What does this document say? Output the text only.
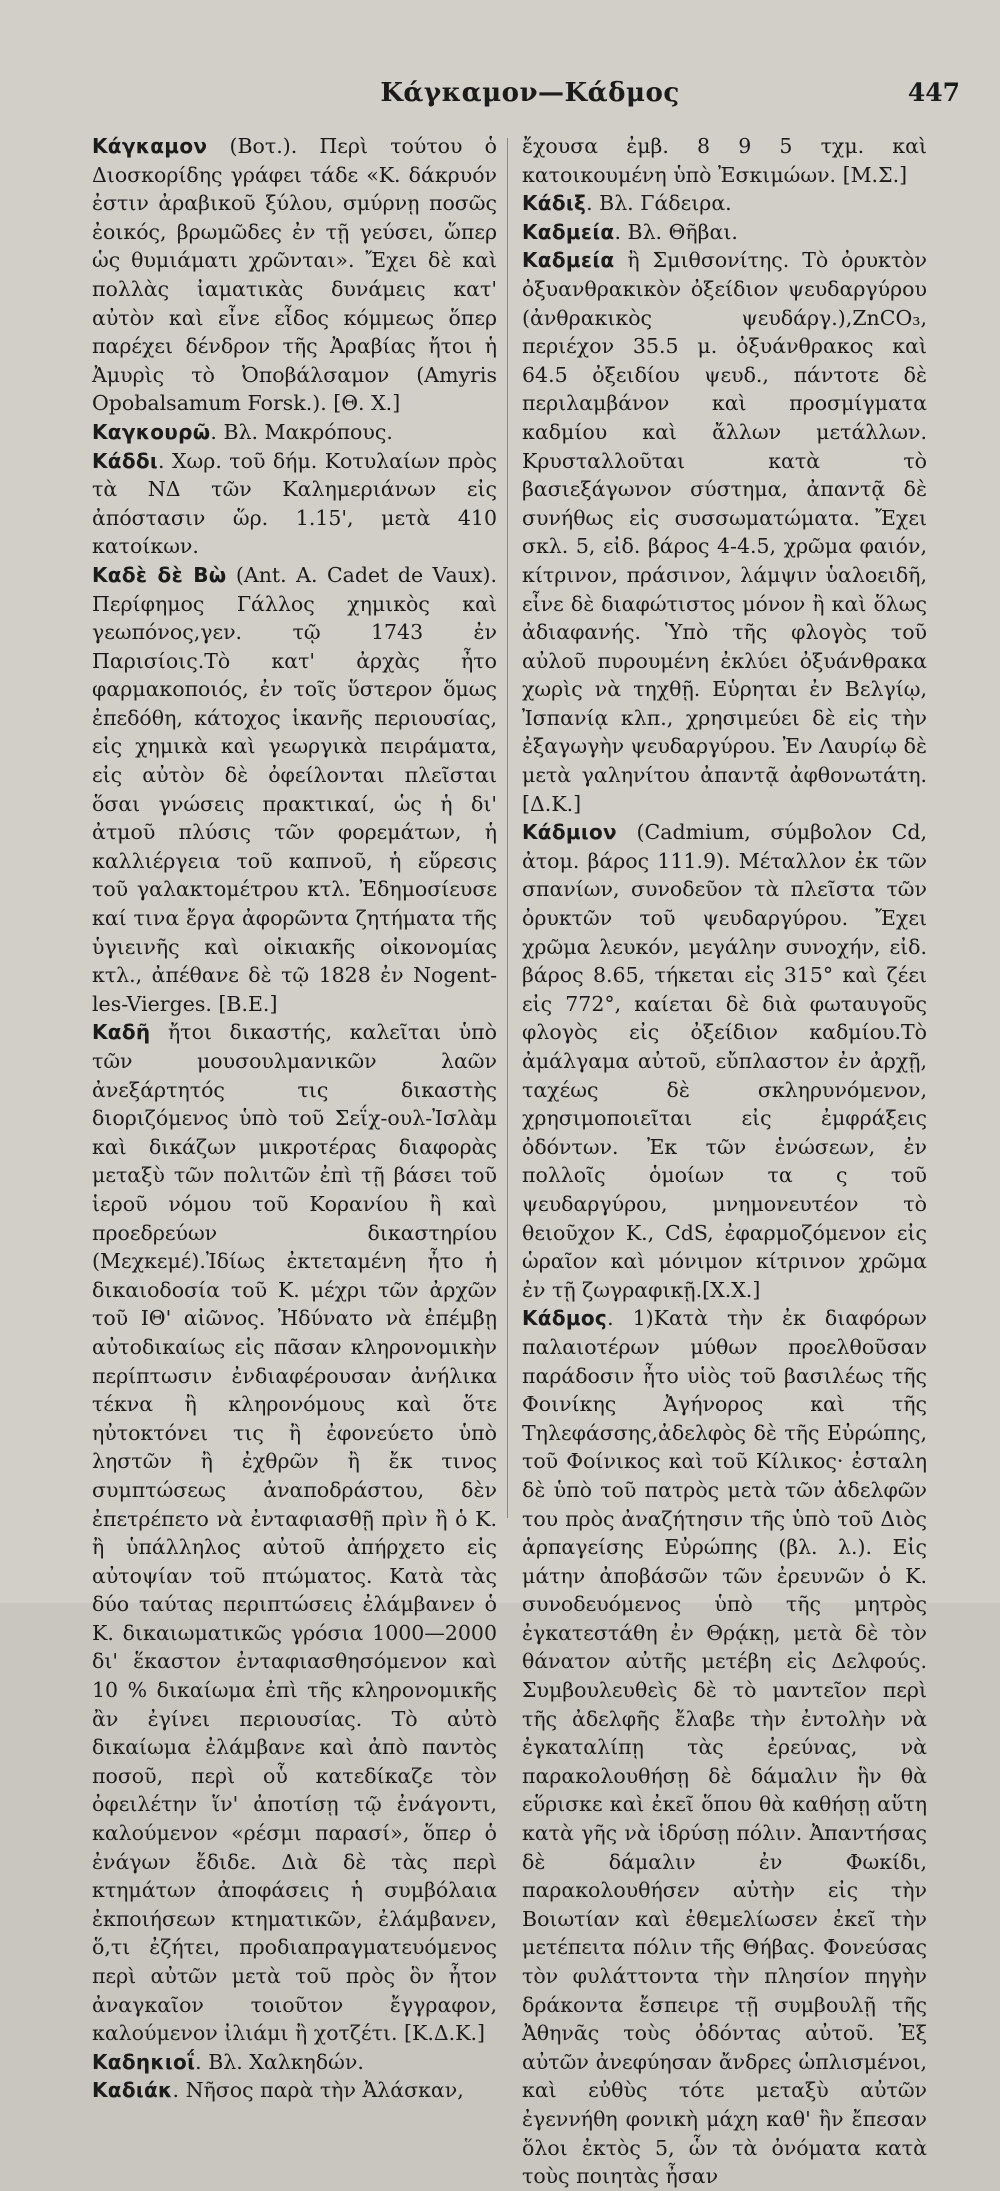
Κάγκαμον—Κάδμος	447

Κάγκαμον (Βοτ.). Περὶ τούτου ὁ Διοσκορίδης γράφει τάδε «Κ. δάκρυόν ἐστιν ἀραβικοῦ ξύλου, σμύρνῃ ποσῶς ἐοικός, βρωμῶδες ἐν τῇ γεύσει, ὥπερ ὡς θυμιάματι χρῶνται». Ἔχει δὲ καὶ πολλὰς ἰαματικὰς δυνάμεις κατ' αὐτὸν καὶ εἶνε εἶδος κόμμεως ὅπερ παρέχει δένδρον τῆς Ἀραβίας ἤτοι ἡ Ἀμυρὶς τὸ Ὀποβάλσαμον (Amyris Opobalsamum Forsk.). [Θ. Χ.]

Καγκουρῶ. Βλ. Μακρόπους.

Κάδδι. Χωρ. τοῦ δήμ. Κοτυλαίων πρὸς τὰ ΝΔ τῶν Καλημεριάνων εἰς ἀπόστασιν ὥρ. 1.15', μετὰ 410 κατοίκων.

Καδὲ δὲ Βὼ (Ant. A. Cadet de Vaux). Περίφημος Γάλλος χημικὸς καὶ γεωπόνος,γεν. τῷ 1743 ἐν Παρισίοις.Τὸ κατ' ἀρχὰς ἦτο φαρμακοποιός, ἐν τοῖς ὕστερον ὅμως ἐπεδόθη, κάτοχος ἱκανῆς περιουσίας, εἰς χημικὰ καὶ γεωργικὰ πειράματα, εἰς αὐτὸν δὲ ὀφείλονται πλεῖσται ὅσαι γνώσεις πρακτικαί, ὡς ἡ δι' ἀτμοῦ πλύσις τῶν φορεμάτων, ἡ καλλιέργεια τοῦ καπνοῦ, ἡ εὕρεσις τοῦ γαλακτομέτρου κτλ. Ἐδημοσίευσε καί τινα ἔργα ἀφορῶντα ζητήματα τῆς ὑγιεινῆς καὶ οἰκιακῆς οἰκονομίας κτλ., ἀπέθανε δὲ τῷ 1828 ἐν Nogent-les-Vierges. [Β.Ε.]

Καδῆ ἤτοι δικαστής, καλεῖται ὑπὸ τῶν μουσουλμανικῶν λαῶν ἀνεξάρτητός τις δικαστὴς διοριζόμενος ὑπὸ τοῦ Σεΐχ-ουλ-Ἰσλὰμ καὶ δικάζων μικροτέρας διαφορὰς μεταξὺ τῶν πολιτῶν ἐπὶ τῇ βάσει τοῦ ἱεροῦ νόμου τοῦ Κορανίου ἢ καὶ προεδρεύων δικαστηρίου (Μεχκεμέ).Ἰδίως ἐκτεταμένη ἦτο ἡ δικαιοδοσία τοῦ Κ. μέχρι τῶν ἀρχῶν τοῦ ΙΘ' αἰῶνος. Ἠδύνατο νὰ ἐπέμβῃ αὐτοδικαίως εἰς πᾶσαν κληρονομικὴν περίπτωσιν ἐνδιαφέρουσαν ἀνήλικα τέκνα ἢ κληρονόμους καὶ ὅτε ηὐτοκτόνει τις ἢ ἐφονεύετο ὑπὸ ληστῶν ἢ ἐχθρῶν ἢ ἔκ τινος συμπτώσεως ἀναποδράστου, δὲν ἐπετρέπετο νὰ ἐνταφιασθῇ πρὶν ἢ ὁ Κ. ἢ ὑπάλληλος αὐτοῦ ἀπήρχετο εἰς αὐτοψίαν τοῦ πτώματος. Κατὰ τὰς δύο ταύτας περιπτώσεις ἐλάμβανεν ὁ Κ. δικαιωματικῶς γρόσια 1000—2000 δι' ἕκαστον ἐνταφιασθησόμενον καὶ 10 % δικαίωμα ἐπὶ τῆς κληρονομικῆς ἂν ἐγίνει περιουσίας. Τὸ αὐτὸ δικαίωμα ἐλάμβανε καὶ ἀπὸ παντὸς ποσοῦ, περὶ οὗ κατεδίκαζε τὸν ὀφειλέτην ἵν' ἀποτίσῃ τῷ ἐνάγοντι, καλούμενον «ρέσμι παρασί», ὅπερ ὁ ἐνάγων ἔδιδε. Διὰ δὲ τὰς περὶ κτημάτων ἀποφάσεις ἡ συμβόλαια ἐκποιήσεων κτηματικῶν, ἐλάμβανεν, ὅ,τι ἐζήτει, προδιαπραγματευόμενος περὶ αὐτῶν μετὰ τοῦ πρὸς ὃν ἦτον ἀναγκαῖον τοιοῦτον ἔγγραφον, καλούμενον ἰλιάμι ἢ χοτζέτι. [Κ.Δ.Κ.]

Καδηκιοΐ. Βλ. Χαλκηδών.

Καδιάκ. Νῆσος παρὰ τὴν Ἀλάσκαν,

ἔχουσα ἐμβ. 8 9 5 τχμ. καὶ κατοικουμένη ὑπὸ Ἐσκιμώων. [Μ.Σ.]

Κάδιξ. Βλ. Γάδειρα.

Καδμεία. Βλ. Θῆβαι.

Καδμεία ἢ Σμιθσονίτης. Τὸ ὀρυκτὸν ὀξυανθρακικὸν ὀξείδιον ψευδαργύρου (ἀνθρακικὸς ψευδάργ.),ZnCO₃, περιέχον 35.5 μ. ὀξυάνθρακος καὶ 64.5 ὀξειδίου ψευδ., πάντοτε δὲ περιλαμβάνον καὶ προσμίγματα καδμίου καὶ ἄλλων μετάλλων. Κρυσταλλοῦται κατὰ τὸ βασιεξάγωνον σύστημα, ἀπαντᾷ δὲ συνήθως εἰς συσσωματώματα. Ἔχει σκλ. 5, εἰδ. βάρος 4-4.5, χρῶμα φαιόν, κίτρινον, πράσινον, λάμψιν ὑαλοειδῆ, εἶνε δὲ διαφώτιστος μόνον ἢ καὶ ὅλως ἀδιαφανής. Ὑπὸ τῆς φλογὸς τοῦ αὐλοῦ πυρουμένη ἐκλύει ὀξυάνθρακα χωρὶς νὰ τηχθῇ. Εὑρηται ἐν Βελγίῳ, Ἰσπανίᾳ κλπ., χρησιμεύει δὲ εἰς τὴν ἐξαγωγὴν ψευδαργύρου. Ἐν Λαυρίῳ δὲ μετὰ γαληνίτου ἀπαντᾷ ἀφθονωτάτη. [Δ.Κ.]

Κάδμιον (Cadmium, σύμβολον Cd, ἀτομ. βάρος 111.9). Μέταλλον ἐκ τῶν σπανίων, συνοδεῦον τὰ πλεῖστα τῶν ὀρυκτῶν τοῦ ψευδαργύρου. Ἔχει χρῶμα λευκόν, μεγάλην συνοχήν, εἰδ. βάρος 8.65, τήκεται εἰς 315° καὶ ζέει εἰς 772°, καίεται δὲ διὰ φωταυγοῦς φλογὸς εἰς ὀξείδιον καδμίου.Τὸ ἀμάλγαμα αὐτοῦ, εὔπλαστον ἐν ἀρχῇ, ταχέως δὲ σκληρυνόμενον, χρησιμοποιεῖται εἰς ἐμφράξεις ὀδόντων. Ἐκ τῶν ἑνώσεων, ἐν πολλοῖς ὁμοίων τα ς τοῦ ψευδαργύρου, μνημονευτέον τὸ θειοῦχον Κ., CdS, ἐφαρμοζόμενον εἰς ὡραῖον καὶ μόνιμον κίτρινον χρῶμα ἐν τῇ ζωγραφικῇ.[Χ.Χ.]

Κάδμος. 1)Κατὰ τὴν ἐκ διαφόρων παλαιοτέρων μύθων προελθοῦσαν παράδοσιν ἦτο υἱὸς τοῦ βασιλέως τῆς Φοινίκης Ἀγήνορος καὶ τῆς Τηλεφάσσης,ἀδελφὸς δὲ τῆς Εὐρώπης, τοῦ Φοίνικος καὶ τοῦ Κίλικος· ἐσταλη δὲ ὑπὸ τοῦ πατρὸς μετὰ τῶν ἀδελφῶν του πρὸς ἀναζήτησιν τῆς ὑπὸ τοῦ Διὸς ἁρπαγείσης Εὐρώπης (βλ. λ.). Εἰς μάτην ἀποβάσῶν τῶν ἐρευνῶν ὁ Κ. συνοδευόμενος ὑπὸ τῆς μητρὸς ἐγκατεστάθη ἐν Θρᾴκῃ, μετὰ δὲ τὸν θάνατον αὐτῆς μετέβη εἰς Δελφούς. Συμβουλευθεὶς δὲ τὸ μαντεῖον περὶ τῆς ἀδελφῆς ἔλαβε τὴν ἐντολὴν νὰ ἐγκαταλίπῃ τὰς ἐρεύνας, νὰ παρακολουθήσῃ δὲ δάμαλιν ἣν θὰ εὕρισκε καὶ ἐκεῖ ὅπου θὰ καθήσῃ αὕτη κατὰ γῆς νὰ ἱδρύσῃ πόλιν. Ἀπαντήσας δὲ δάμαλιν ἐν Φωκίδι, παρακολουθήσεν αὐτὴν εἰς τὴν Βοιωτίαν καὶ ἐθεμελίωσεν ἐκεῖ τὴν μετέπειτα πόλιν τῆς Θήβας. Φονεύσας τὸν φυλάττοντα τὴν πλησίον πηγὴν δράκοντα ἔσπειρε τῇ συμβουλῇ τῆς Ἀθηνᾶς τοὺς ὀδόντας αὐτοῦ. Ἐξ αὐτῶν ἀνεφύησαν ἄνδρες ὡπλισμένοι, καὶ εὐθὺς τότε μεταξὺ αὐτῶν ἐγεννήθη φονικὴ μάχη καθ' ἣν ἔπεσαν ὅλοι ἐκτὸς 5, ὧν τὰ ὀνόματα κατὰ τοὺς ποιητὰς ἦσαν
